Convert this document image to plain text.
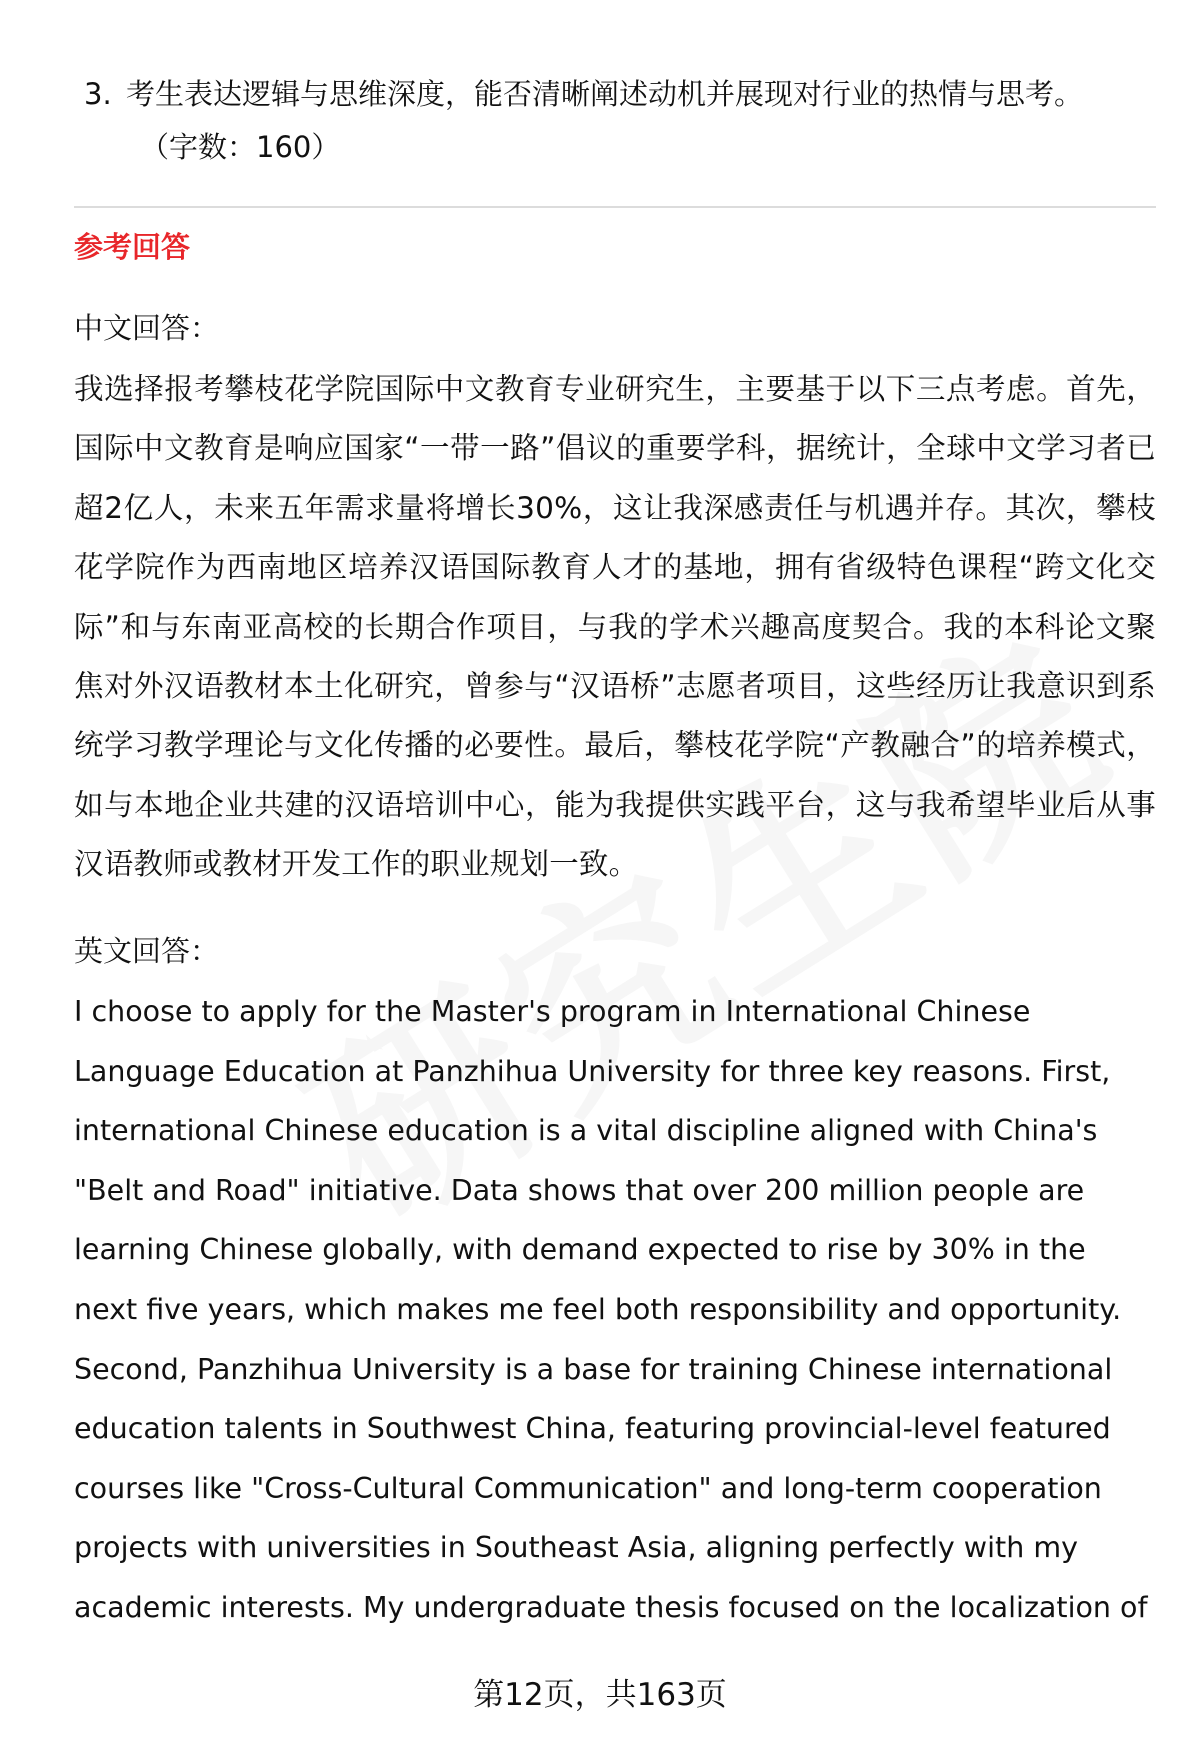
3. 考生表达逻辑与思维深度，能否清晰阐述动机并展现对行业的热情与思考。

（字数：160）

参考回答

中文回答：

我选择报考攀枝花学院国际中文教育专业研究生，主要基于以下三点考虑。首先，国际中文教育是响应国家“一带一路”倡议的重要学科，据统计，全球中文学习者已超2亿人，未来五年需求量将增长30%，这让我深感责任与机遇并存。其次，攀枝花学院作为西南地区培养汉语国际教育人才的基地，拥有省级特色课程“跨文化交际”和与东南亚高校的长期合作项目，与我的学术兴趣高度契合。我的本科论文聚焦对外汉语教材本土化研究，曾参与“汉语桥”志愿者项目，这些经历让我意识到系统学习教学理论与文化传播的必要性。最后，攀枝花学院“产教融合”的培养模式，如与本地企业共建的汉语培训中心，能为我提供实践平台，这与我希望毕业后从事汉语教师或教材开发工作的职业规划一致。

英文回答：

I choose to apply for the Master's program in International Chinese Language Education at Panzhihua University for three key reasons. First, international Chinese education is a vital discipline aligned with China's "Belt and Road" initiative. Data shows that over 200 million people are learning Chinese globally, with demand expected to rise by 30% in the next five years, which makes me feel both responsibility and opportunity. Second, Panzhihua University is a base for training Chinese international education talents in Southwest China, featuring provincial-level featured courses like "Cross-Cultural Communication" and long-term cooperation projects with universities in Southeast Asia, aligning perfectly with my academic interests. My undergraduate thesis focused on the localization of

第12页，共163页
